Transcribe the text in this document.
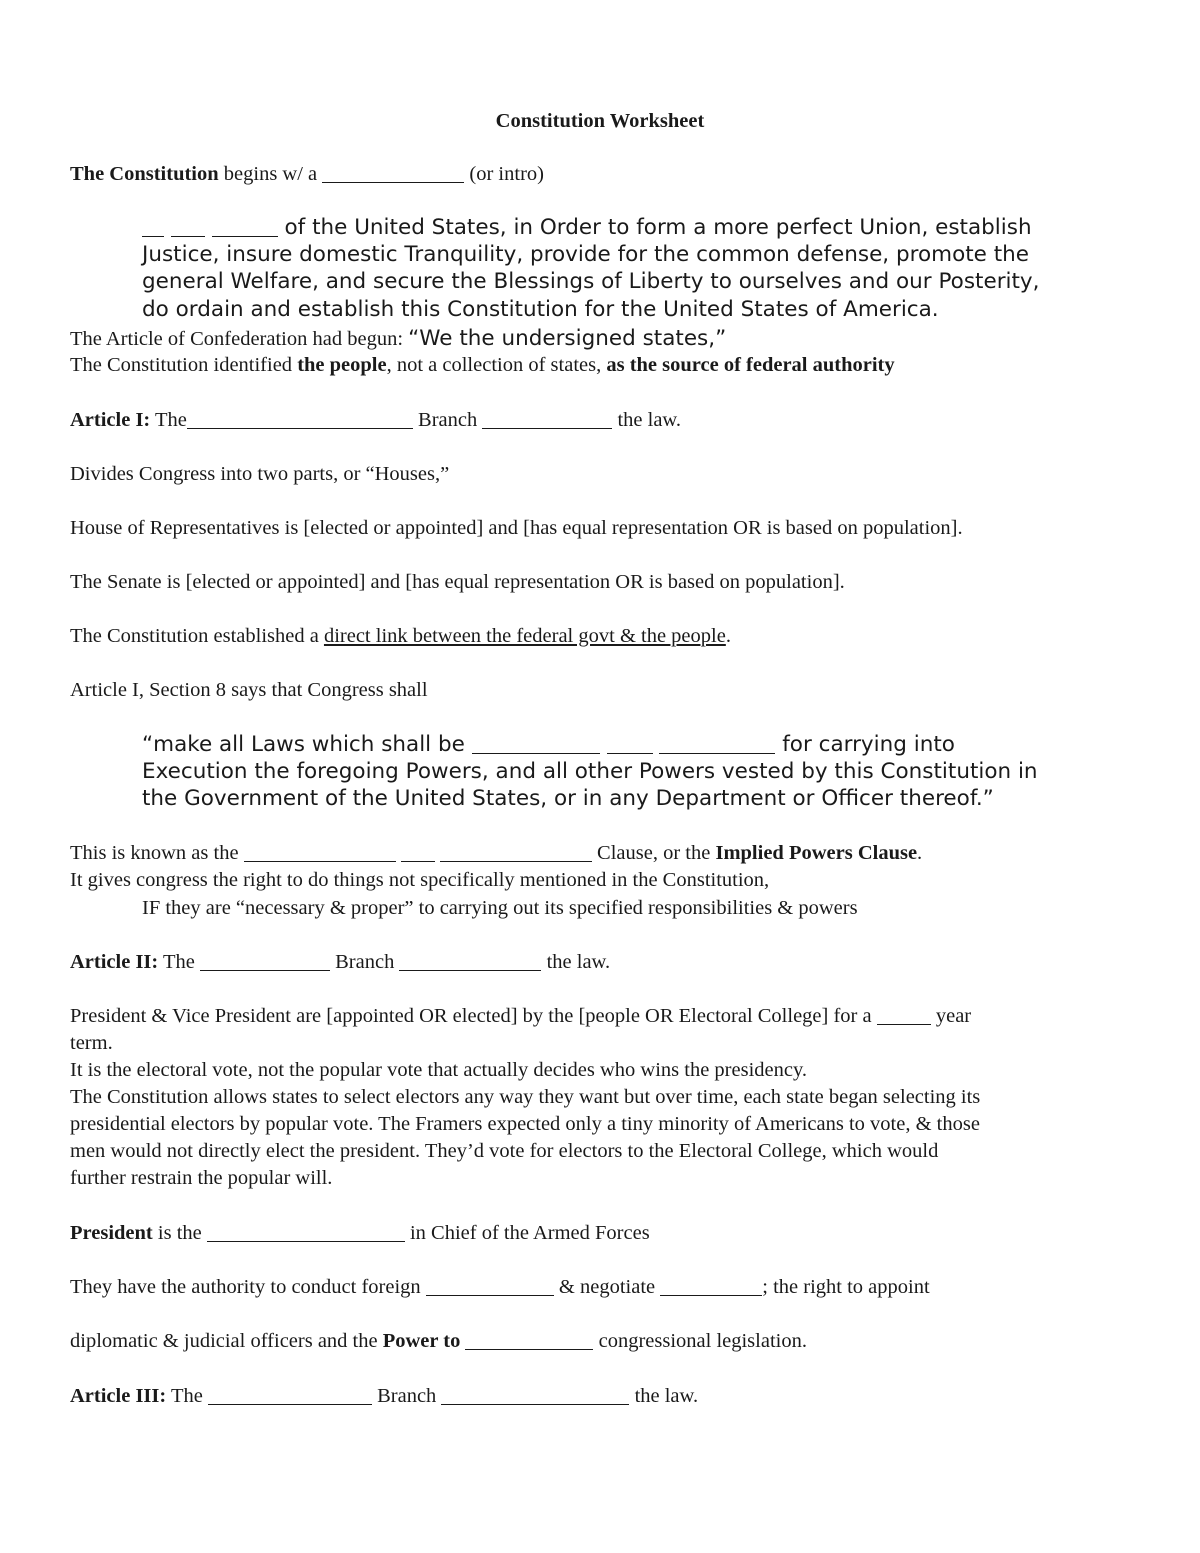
Constitution Worksheet

The Constitution begins w/ a	(or intro)

of the United States, in Order to form a more perfect Union, establish

Justice, insure domestic Tranquility, provide for the common defense, promote the

general Welfare, and secure the Blessings of Liberty to ourselves and our Posterity,

do ordain and establish this Constitution for the United States of America.

The Article of Confederation had begun: “We the undersigned states,”

The Constitution identified the people, not a collection of states, as the source of federal authority

Article I: The	Branch	the law.

Divides Congress into two parts, or “Houses,”

House of Representatives is [elected or appointed] and [has equal representation OR is based on population].

The Senate is [elected or appointed] and [has equal representation OR is based on population].

The Constitution established a direct link between the federal govt & the people.

Article I, Section 8 says that Congress shall

“make all Laws which shall be	for carrying into

Execution the foregoing Powers, and all other Powers vested by this Constitution in

the Government of the United States, or in any Department or Officer thereof.”

This is known as the	Clause, or the Implied Powers Clause.

It gives congress the right to do things not specifically mentioned in the Constitution,

IF they are “necessary & proper” to carrying out its specified responsibilities & powers

Article II: The	Branch	the law.

President & Vice President are [appointed OR elected] by the [people OR Electoral College] for a	year

term.

It is the electoral vote, not the popular vote that actually decides who wins the presidency.

The Constitution allows states to select electors any way they want but over time, each state began selecting its

presidential electors by popular vote. The Framers expected only a tiny minority of Americans to vote, & those

men would not directly elect the president. They’d vote for electors to the Electoral College, which would

further restrain the popular will.

President is the	in Chief of the Armed Forces

They have the authority to conduct foreign	& negotiate	; the right to appoint

diplomatic & judicial officers and the Power to	congressional legislation.

Article III: The	Branch	the law.
